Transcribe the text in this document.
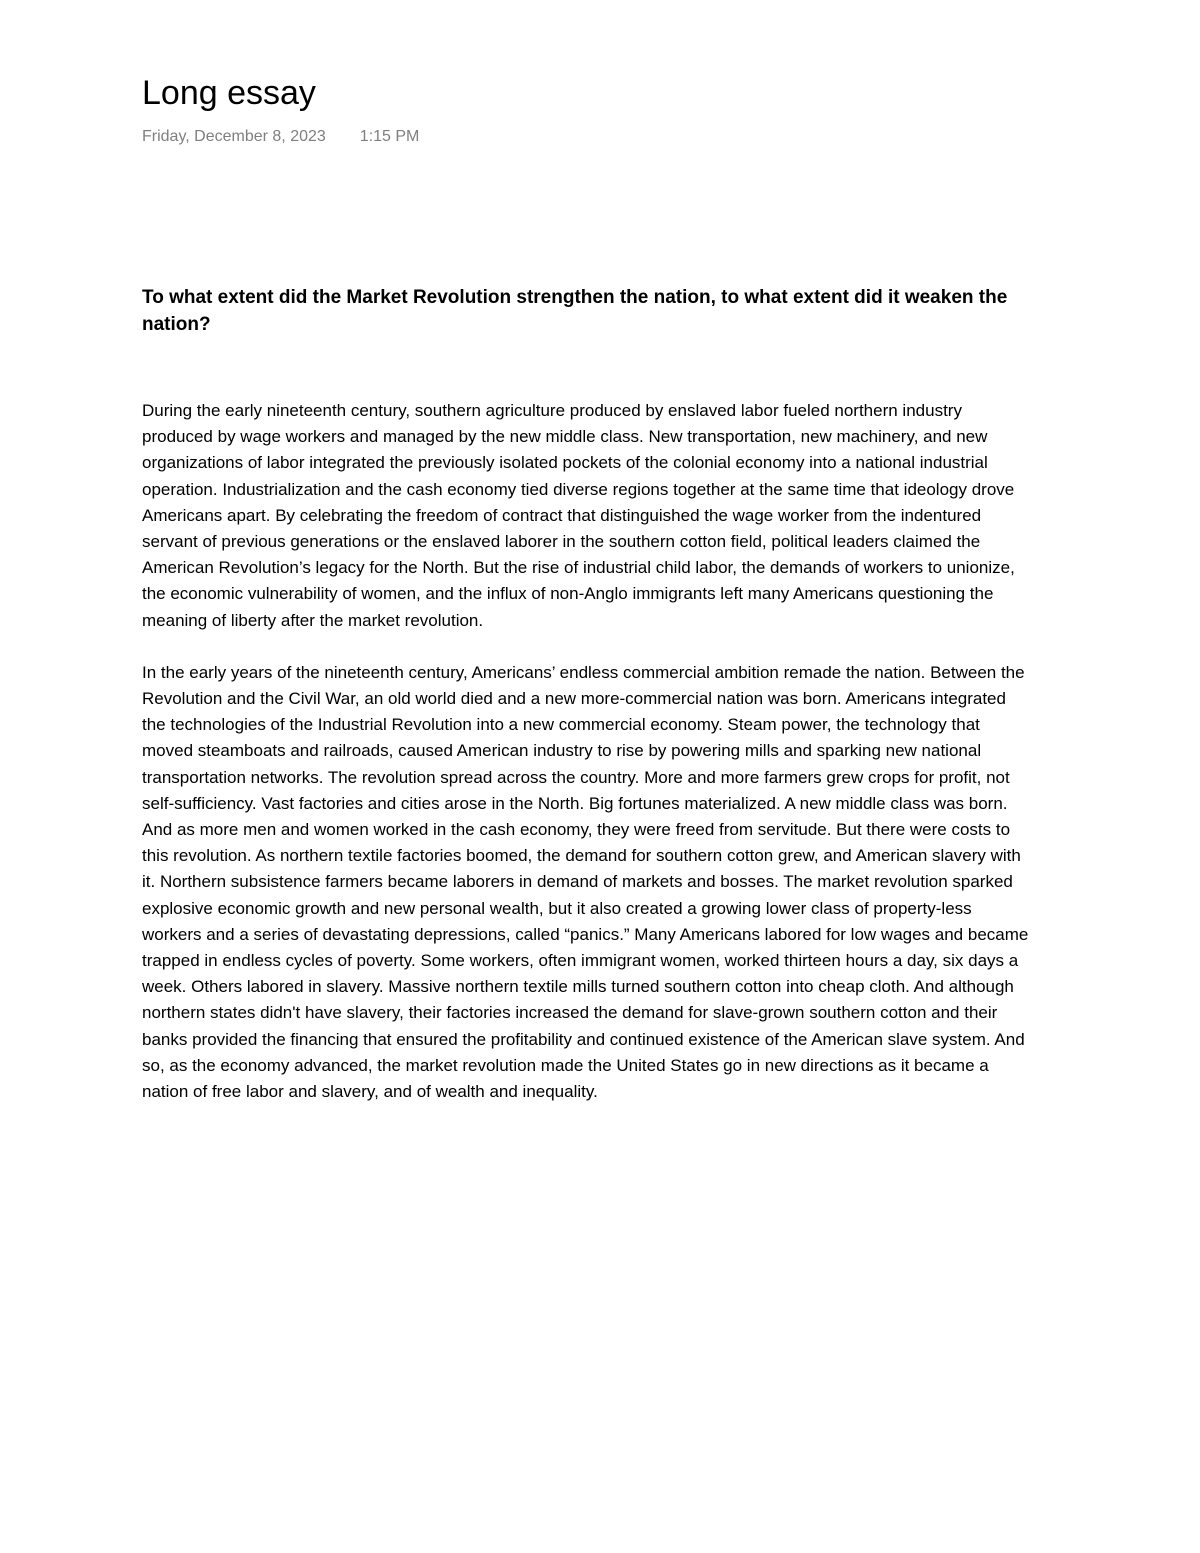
Long essay
Friday, December 8, 2023 1:15 PM

To what extent did the Market Revolution strengthen the nation, to what extent did it weaken the nation?

During the early nineteenth century, southern agriculture produced by enslaved labor fueled northern industry produced by wage workers and managed by the new middle class. New transportation, new machinery, and new organizations of labor integrated the previously isolated pockets of the colonial economy into a national industrial operation. Industrialization and the cash economy tied diverse regions together at the same time that ideology drove Americans apart. By celebrating the freedom of contract that distinguished the wage worker from the indentured servant of previous generations or the enslaved laborer in the southern cotton field, political leaders claimed the American Revolution’s legacy for the North. But the rise of industrial child labor, the demands of workers to unionize, the economic vulnerability of women, and the influx of non-Anglo immigrants left many Americans questioning the meaning of liberty after the market revolution.

In the early years of the nineteenth century, Americans’ endless commercial ambition remade the nation. Between the Revolution and the Civil War, an old world died and a new more-commercial nation was born. Americans integrated the technologies of the Industrial Revolution into a new commercial economy. Steam power, the technology that moved steamboats and railroads, caused American industry to rise by powering mills and sparking new national transportation networks. The revolution spread across the country. More and more farmers grew crops for profit, not self-sufficiency. Vast factories and cities arose in the North. Big fortunes materialized. A new middle class was born. And as more men and women worked in the cash economy, they were freed from servitude. But there were costs to this revolution. As northern textile factories boomed, the demand for southern cotton grew, and American slavery with it. Northern subsistence farmers became laborers in demand of markets and bosses. The market revolution sparked explosive economic growth and new personal wealth, but it also created a growing lower class of property-less workers and a series of devastating depressions, called “panics.” Many Americans labored for low wages and became trapped in endless cycles of poverty. Some workers, often immigrant women, worked thirteen hours a day, six days a week. Others labored in slavery. Massive northern textile mills turned southern cotton into cheap cloth. And although northern states didn't have slavery, their factories increased the demand for slave-grown southern cotton and their banks provided the financing that ensured the profitability and continued existence of the American slave system. And so, as the economy advanced, the market revolution made the United States go in new directions as it became a nation of free labor and slavery, and of wealth and inequality.
